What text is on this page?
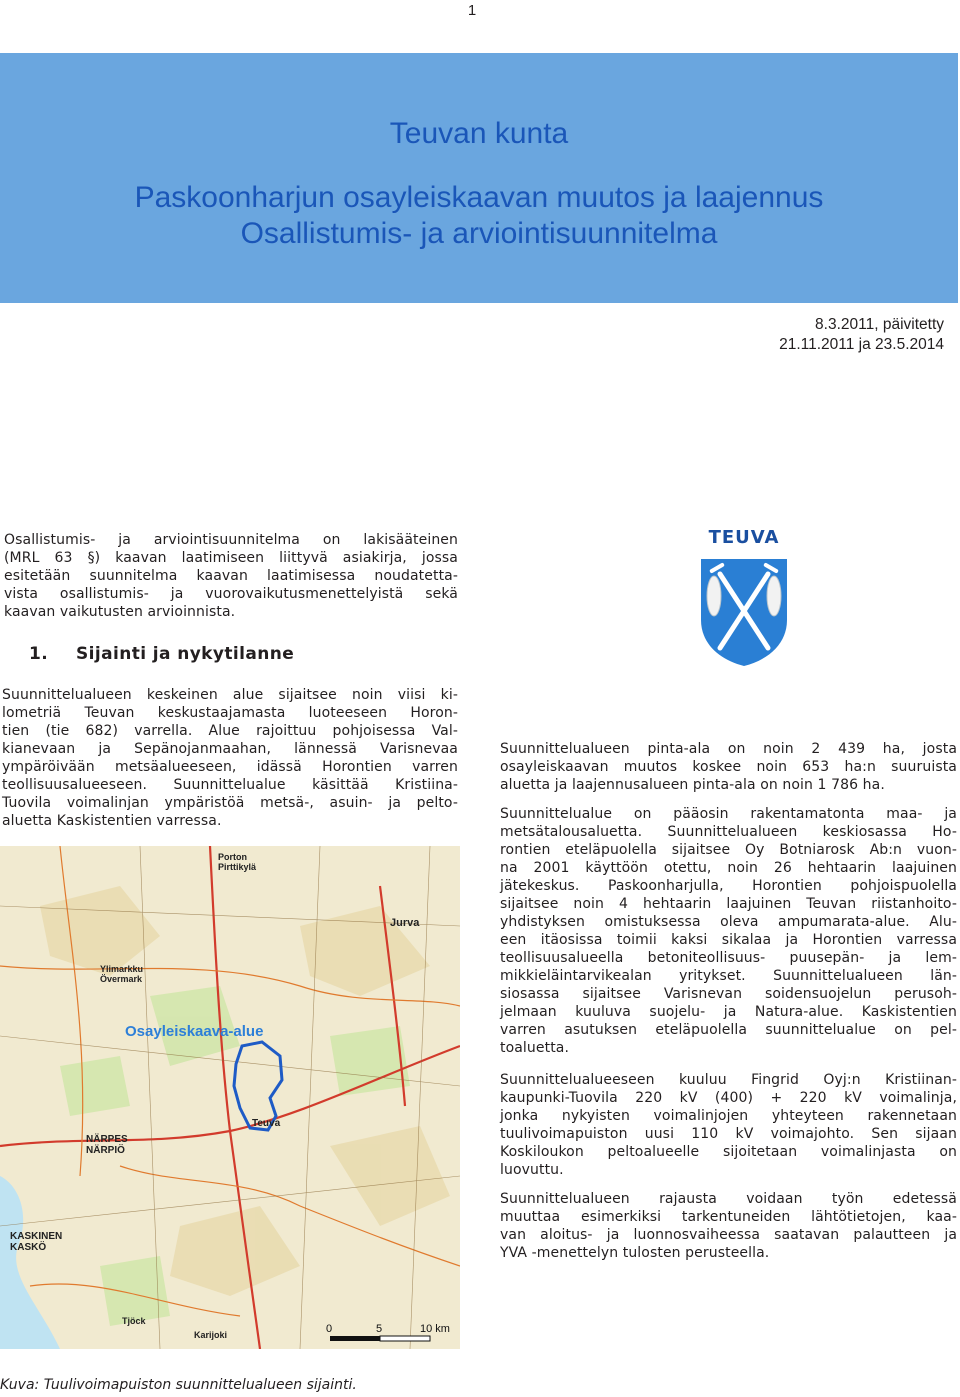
1
Teuvan kunta
Paskoonharjun osayleiskaavan muutos ja laajennus
Osallistumis- ja arviointisuunnitelma
8.3.2011, päivitetty
21.11.2011 ja 23.5.2014
Osallistumis- ja arviointisuunnitelma on lakisääteinen
(MRL 63 §) kaavan laatimiseen liittyvä asiakirja, jossa
esitetään suunnitelma kaavan laatimisessa noudatetta-
vista osallistumis- ja vuorovaikutusmenettelyistä sekä
kaavan vaikutusten arvioinnista.
1. Sijainti ja nykytilanne
Suunnittelualueen keskeinen alue sijaitsee noin viisi ki-
lometriä Teuvan keskustaajamasta luoteeseen Horon-
tien (tie 682) varrella. Alue rajoittuu pohjoisessa Val-
kianevaan ja Sepänojanmaahan, lännessä Varisnevaa
ympäröivään metsäalueeseen, idässä Horontien varren
teollisuusalueeseen. Suunnittelualue käsittää Kristiina-
Tuovila voimalinjan ympäristöä metsä-, asuin- ja pelto-
aluetta Kaskistentien varressa.
TEUVA
Suunnittelualueen pinta-ala on noin 2 439 ha, josta
osayleiskaavan muutos koskee noin 653 ha:n suuruista
aluetta ja laajennusalueen pinta-ala on noin 1 786 ha.
Suunnittelualue on pääosin rakentamatonta maa- ja
metsätalousaluetta. Suunnittelualueen keskiosassa Ho-
rontien eteläpuolella sijaitsee Oy Botniarosk Ab:n vuon-
na 2001 käyttöön otettu, noin 26 hehtaarin laajuinen
jätekeskus. Paskoonharjulla, Horontien pohjoispuolella
sijaitsee noin 4 hehtaarin laajuinen Teuvan riistanhoito-
yhdistyksen omistuksessa oleva ampumarata-alue. Alu-
een itäosissa toimii kaksi sikalaa ja Horontien varressa
teollisuusalueella betoniteollisuus- puusepän- ja lem-
mikkieläintarvikealan yritykset. Suunnittelualueen län-
siosassa sijaitsee Varisnevan soidensuojelun perusoh-
jelmaan kuuluva suojelu- ja Natura-alue. Kaskistentien
varren asutuksen eteläpuolella suunnittelualue on pel-
toaluetta.
Suunnittelualueeseen kuuluu Fingrid Oyj:n Kristiinan-
kaupunki-Tuovila 220 kV (400) + 220 kV voimalinja,
jonka nykyisten voimalinjojen yhteyteen rakennetaan
tuulivoimapuiston uusi 110 kV voimajohto. Sen sijaan
Koskiloukon peltoalueelle sijoitetaan voimalinjasta on
luovuttu.
Suunnittelualueen rajausta voidaan työn edetessä
muuttaa esimerkiksi tarkentuneiden lähtötietojen, kaa-
van aloitus- ja luonnosvaiheessa saatavan palautteen ja
YVA -menettelyn tulosten perusteella.
Osayleiskaava-alue
Jurva
Teuva
NÄRPES
NÄRPIÖ
KASKINEN
KASKÖ
Porton
Pirttikylä
Ylimarkku
Övermark
Tjöck
Karijoki	0	5	10 km
Kuva: Tuulivoimapuiston suunnittelualueen sijainti.
